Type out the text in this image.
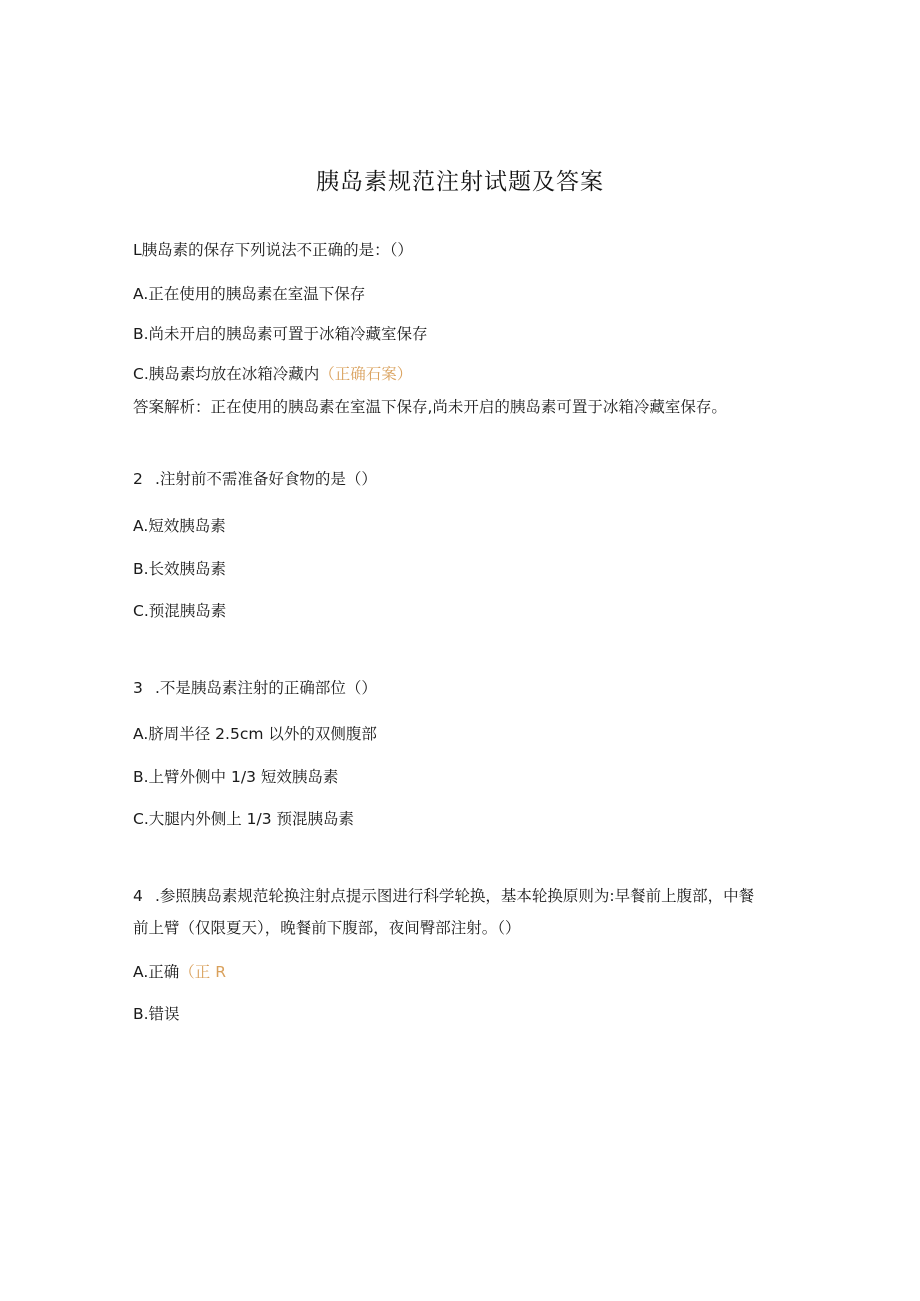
胰岛素规范注射试题及答案
L胰岛素的保存下列说法不正确的是：（）
A.正在使用的胰岛素在室温下保存
B.尚未开启的胰岛素可置于冰箱冷藏室保存
C.胰岛素均放在冰箱冷藏内（正确石案）
答案解析：正在使用的胰岛素在室温下保存,尚未开启的胰岛素可置于冰箱冷藏室保存。
2 .注射前不需准备好食物的是（）
A.短效胰岛素
B.长效胰岛素
C.预混胰岛素
3 .不是胰岛素注射的正确部位（）
A.脐周半径 2.5cm 以外的双侧腹部
B.上臂外侧中 1/3 短效胰岛素
C.大腿内外侧上 1/3 预混胰岛素
4 .参照胰岛素规范轮换注射点提示图进行科学轮换，基本轮换原则为:早餐前上腹部，中餐前上臂（仅限夏天），晚餐前下腹部，夜间臀部注射。（）
A.正确（正 R
B.错误
